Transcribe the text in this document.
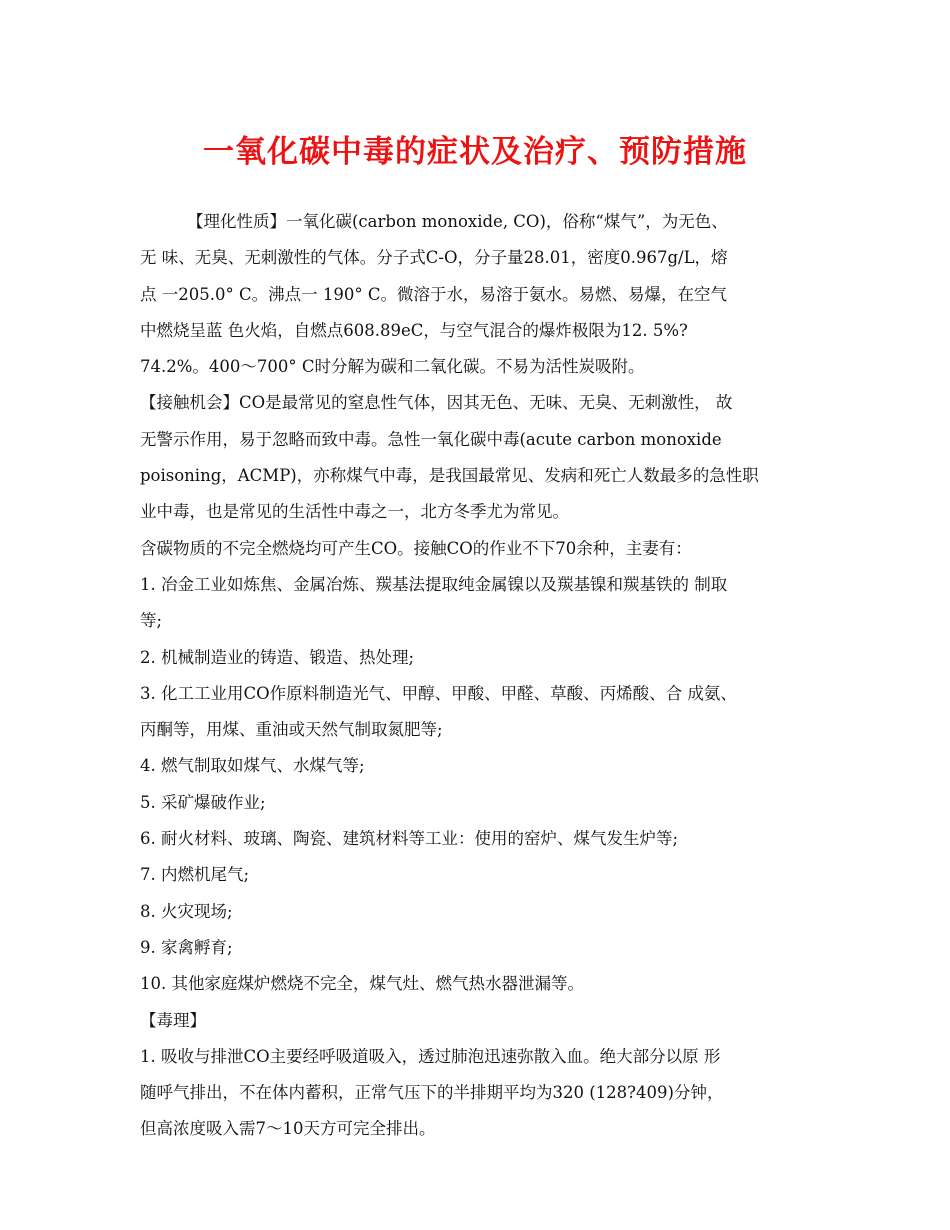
一氧化碳中毒的症状及治疗、预防措施
【理化性质】一氧化碳(carbon monoxide, CO)，俗称“煤气”，为无色、
无 味、无臭、无刺激性的气体。分子式C-O，分子量28.01，密度0.967g/L，熔
点 一205.0° C。沸点一 190° C。微溶于水，易溶于氨水。易燃、易爆，在空气
中燃烧呈蓝 色火焰，自燃点608.89eC，与空气混合的爆炸极限为12. 5%?
74.2%。400～700° C时分解为碳和二氧化碳。不易为活性炭吸附。
【接触机会】CO是最常见的窒息性气体，因其无色、无味、无臭、无刺激性， 故
无警示作用，易于忽略而致中毒。急性一氧化碳中毒(acute carbon monoxide
poisoning，ACMP)，亦称煤气中毒，是我国最常见、发病和死亡人数最多的急性职
业中毒，也是常见的生活性中毒之一，北方冬季尤为常见。
含碳物质的不完全燃烧均可产生CO。接触CO的作业不下70余种，主妻有：
1. 冶金工业如炼焦、金属冶炼、羰基法提取纯金属镍以及羰基镍和羰基铁的 制取
等;
2. 机械制造业的铸造、锻造、热处理;
3. 化工工业用CO作原料制造光气、甲醇、甲酸、甲醛、草酸、丙烯酸、合 成氨、
丙酮等，用煤、重油或天然气制取氮肥等;
4. 燃气制取如煤气、水煤气等;
5. 采矿爆破作业;
6. 耐火材料、玻璃、陶瓷、建筑材料等工业：使用的窑炉、煤气发生炉等;
7. 内燃机尾气;
8. 火灾现场;
9. 家禽孵育;
10. 其他家庭煤炉燃烧不完全，煤气灶、燃气热水器泄漏等。
【毒理】
1. 吸收与排泄CO主要经呼吸道吸入，透过肺泡迅速弥散入血。绝大部分以原 形
随呼气排出，不在体内蓄积，正常气压下的半排期平均为320 (128?409)分钟，
但高浓度吸入需7～10天方可完全排出。
